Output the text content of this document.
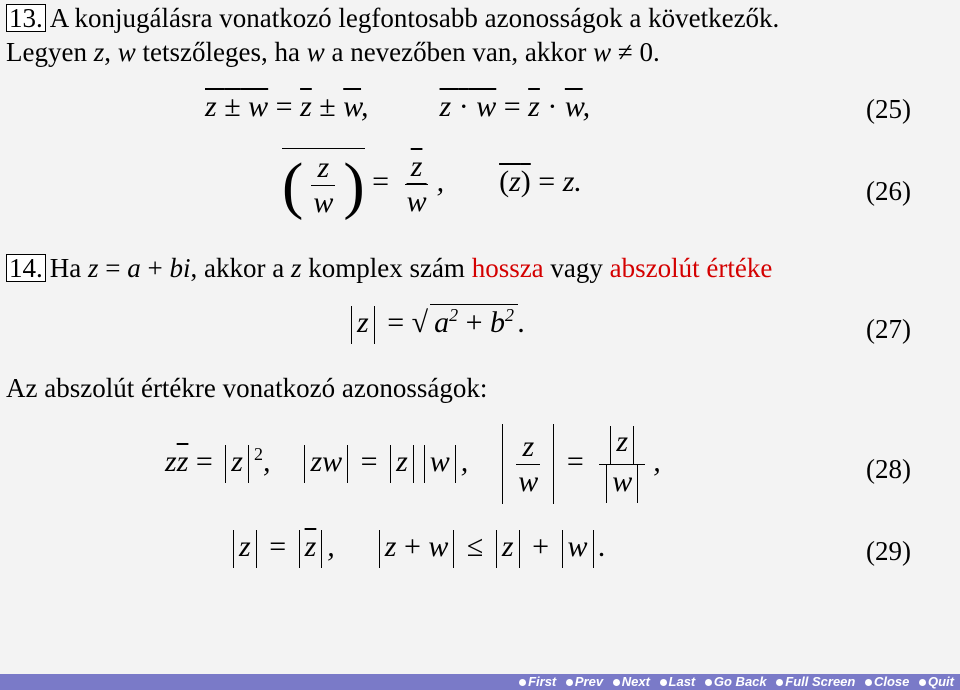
13. A konjugálásra vonatkozó legfontosabb azonosságok a következők.
Legyen z, w tetszőleges, ha w a nevezőben van, akkor w ≠ 0.
$z \pm w = \overline{z} \pm \overline{w}$,  $z \cdot w = \overline{z} \cdot \overline{w}$,	(25)
( $\frac{z}{w}$ ) = $\frac{\overline{z}}{w}$ ,  (z) = z.	(26)
14. Ha z = a + bi, akkor a z komplex szám hossza vagy abszolút értéke
z = √ $a^2 + b^2$ .	(27)
Az abszolút értékre vonatkozó azonosságok:
$z\overline{z} = z$ $^2$,  zw = z w , $\frac{z}{w} = \frac{z}{w}$ ,	(28)
$z = \overline{z}$ ,  z + w ≤ z + w .	(29)
First Prev Next Last Go Back Full Screen Close Quit
